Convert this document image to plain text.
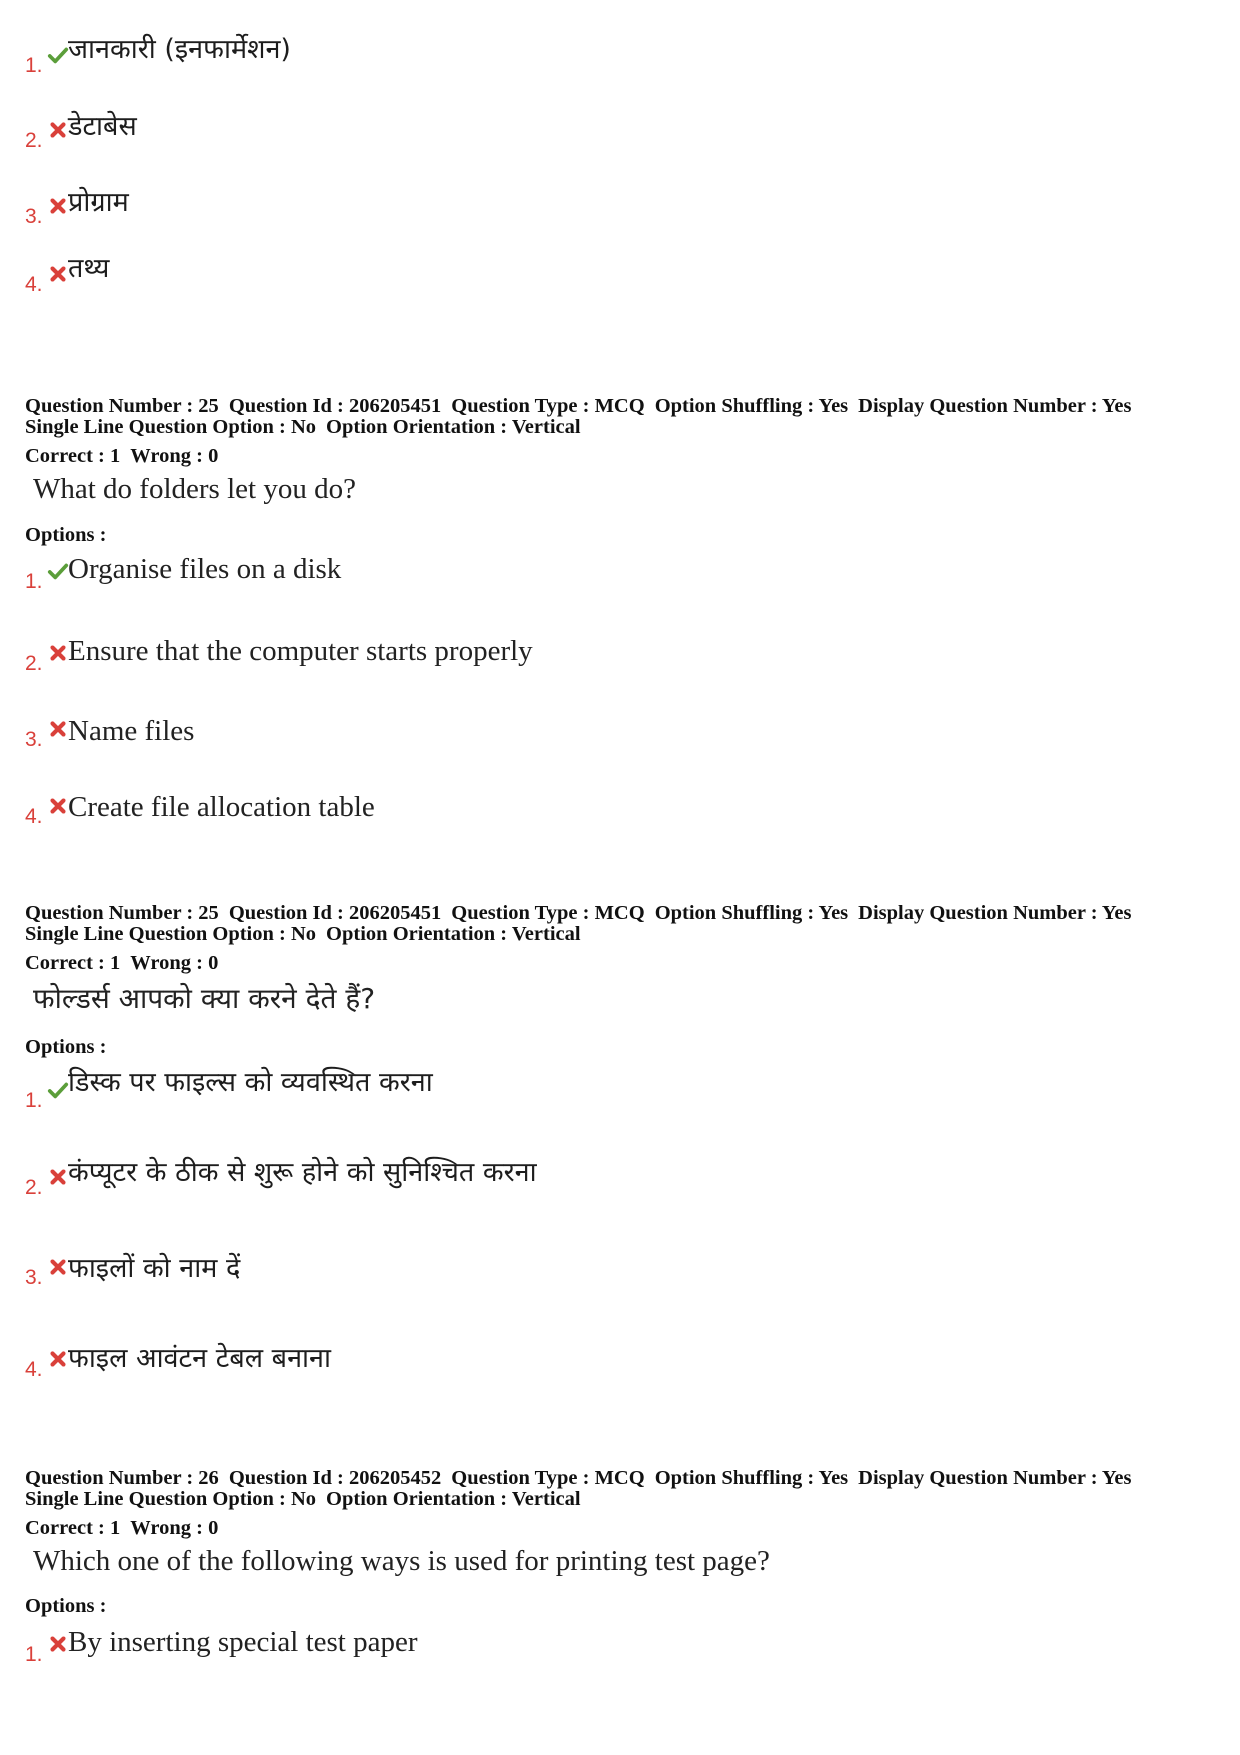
1.
जानकारी (इनफार्मेशन)
2. डेटाबेस
3. प्रोग्राम
4.
तथ्य
Question Number : 25 Question Id : 206205451 Question Type : MCQ Option Shuffling : Yes Display Question Number : Yes
Single Line Question Option : No Option Orientation : Vertical
Correct : 1 Wrong : 0
What do folders let you do?
Options :
1. Organise files on a disk
2. Ensure that the computer starts properly
3. Name files
4. Create file allocation table
Question Number : 25 Question Id : 206205451 Question Type : MCQ Option Shuffling : Yes Display Question Number : Yes
Single Line Question Option : No Option Orientation : Vertical
Correct : 1 Wrong : 0
फोल्डर्स आपको क्या करने देते हैं?
Options :
1.
डिस्क पर फाइल्स को व्यवस्थित करना
2. कंप्यूटर के ठीक से शुरू होने को सुनिश्चित करना
3. फाइलों को नाम दें
4. फाइल आवंटन टेबल बनाना
Question Number : 26 Question Id : 206205452 Question Type : MCQ Option Shuffling : Yes Display Question Number : Yes
Single Line Question Option : No Option Orientation : Vertical
Correct : 1 Wrong : 0
Which one of the following ways is used for printing test page?
Options :
1. By inserting special test paper
